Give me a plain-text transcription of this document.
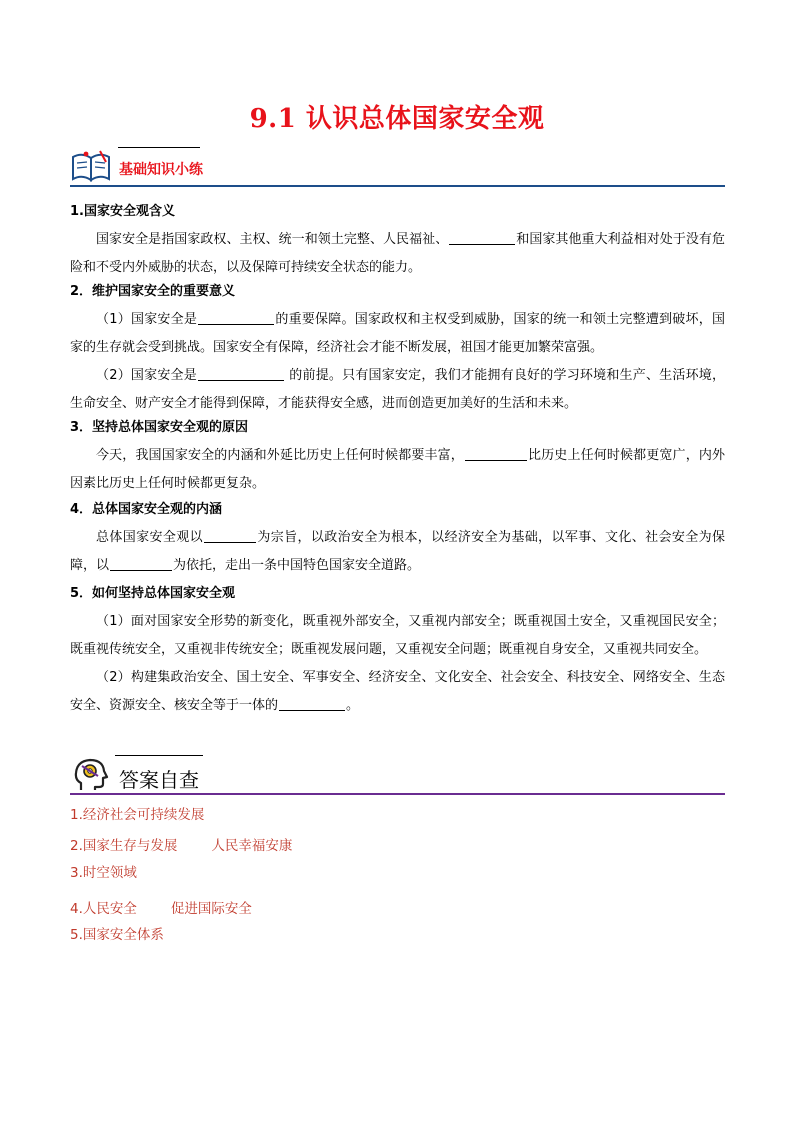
9.1 认识总体国家安全观
基础知识小练
1.国家安全观含义
国家安全是指国家政权、主权、统一和领土完整、人民福祉、	和国家其他重大利益相对处于没有危险和不受内外威胁的状态，以及保障可持续安全状态的能力。
2．维护国家安全的重要意义
（1）国家安全是	的重要保障。国家政权和主权受到威胁，国家的统一和领土完整遭到破坏，国家的生存就会受到挑战。国家安全有保障，经济社会才能不断发展，祖国才能更加繁荣富强。
（2）国家安全是	的前提。只有国家安定，我们才能拥有良好的学习环境和生产、生活环境，生命安全、财产安全才能得到保障，才能获得安全感，进而创造更加美好的生活和未来。
3．坚持总体国家安全观的原因
今天，我国国家安全的内涵和外延比历史上任何时候都要丰富，	比历史上任何时候都更宽广，内外因素比历史上任何时候都更复杂。
4．总体国家安全观的内涵
总体国家安全观以	为宗旨，以政治安全为根本，以经济安全为基础，以军事、文化、社会安全为保障，以	为依托，走出一条中国特色国家安全道路。
5．如何坚持总体国家安全观
（1）面对国家安全形势的新变化，既重视外部安全，又重视内部安全；既重视国土安全，又重视国民安全；既重视传统安全，又重视非传统安全；既重视发展问题，又重视安全问题；既重视自身安全，又重视共同安全。
（2）构建集政治安全、国土安全、军事安全、经济安全、文化安全、社会安全、科技安全、网络安全、生态安全、资源安全、核安全等于一体的	。
答案自查
1.经济社会可持续发展
2.国家生存与发展	人民幸福安康
3.时空领域
4.人民安全	促进国际安全
5.国家安全体系
